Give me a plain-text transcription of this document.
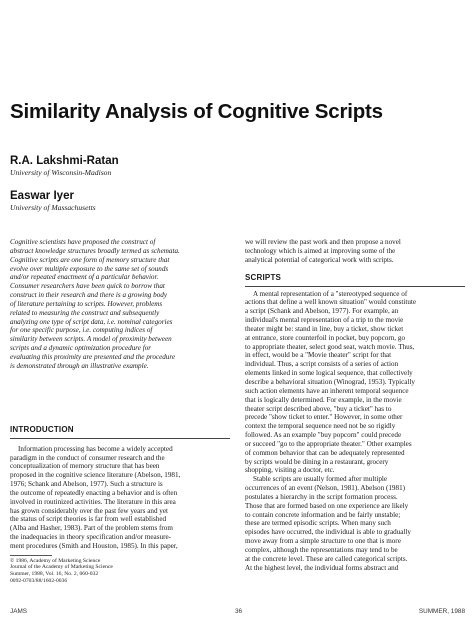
Similarity Analysis of Cognitive Scripts
R.A. Lakshmi-Ratan
University of Wisconsin-Madison
Easwar Iyer
University of Massachusetts
Cognitive scientists have proposed the construct of
abstract knowledge structures broadly termed as schemata.
Cognitive scripts are one form of memory structure that
evolve over multiple exposure to the same set of sounds
and/or repeated enactment of a particular behavior.
Consumer researchers have been quick to borrow that
construct in their research and there is a growing body
of literature pertaining to scripts. However, problems
related to measuring the construct and subsequently
analyzing one type of script data, i.e. nominal categories
for one specific purpose, i.e. computing indices of
similarity between scripts. A model of proximity between
scripts and a dynamic optimization procedure for
evaluating this proximity are presented and the procedure
is demonstrated through an illustrative example.
INTRODUCTION
Information processing has become a widely accepted
paradigm in the conduct of consumer research and the
conceptualization of memory structure that has been
proposed in the cognitive science literature (Abelson, 1981,
1976; Schank and Abelson, 1977). Such a structure is
the outcome of repeatedly enacting a behavior and is often
involved in routinized activities. The literature in this area
has grown considerably over the past few years and yet
the status of script theories is far from well established
(Alba and Hasher, 1983). Part of the problem stems from
the inadequacies in theory specification and/or measure-
ment procedures (Smith and Houston, 1985). In this paper,
© 1986, Academy of Marketing Science
Journal of the Academy of Marketing Science
Summer, 1988, Vol. 16, No. 2, 060-032
0092-0703/88/1602-0036
we will review the past work and then propose a novel
technology which is aimed at improving some of the
analytical potential of categorical work with scripts.
SCRIPTS
A mental representation of a "stereotyped sequence of
actions that define a well known situation" would constitute
a script (Schank and Abelson, 1977). For example, an
individual's mental representation of a trip to the movie
theater might be: stand in line, buy a ticket, show ticket
at entrance, store counterfoil in pocket, buy popcorn, go
to appropriate theater, select good seat, watch movie. Thus,
in effect, would be a "Movie theater" script for that
individual. Thus, a script consists of a series of action
elements linked in some logical sequence, that collectively
describe a behavioral situation (Winograd, 1953). Typically
such action elements have an inherent temporal sequence
that is logically determined. For example, in the movie
theater script described above, "buy a ticket" has to
precede "show ticket to enter." However, in some other
context the temporal sequence need not be so rigidly
followed. As an example "buy popcorn" could precede
or succeed "go to the appropriate theater." Other examples
of common behavior that can be adequately represented
by scripts would be dining in a restaurant, grocery
shopping, visiting a doctor, etc.
Stable scripts are usually formed after multiple
occurrences of an event (Nelson, 1981). Abelson (1981)
postulates a hierarchy in the script formation process.
Those that are formed based on one experience are likely
to contain concrete information and be fairly unstable;
these are termed episodic scripts. When many such
episodes have occurred, the individual is able to gradually
move away from a simple structure to one that is more
complex, although the representations may tend to be
at the concrete level. These are called categorical scripts.
At the highest level, the individual forms abstract and
JAMS	36	SUMMER, 1988
